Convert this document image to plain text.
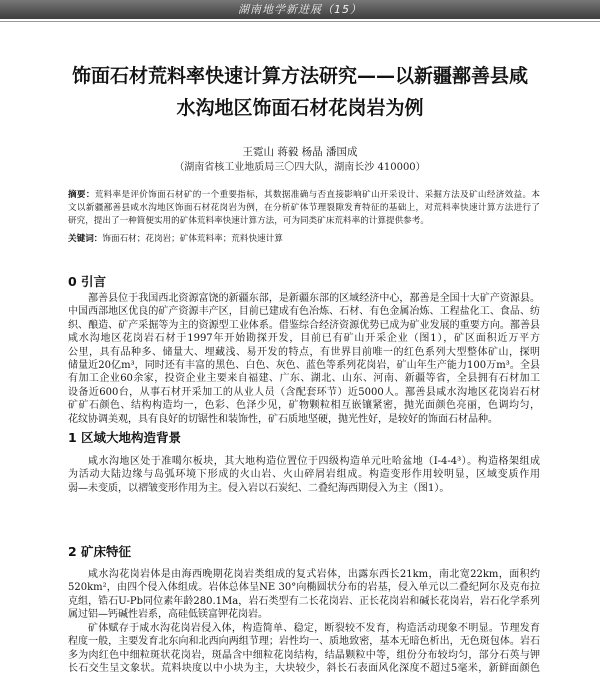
湖南地学新进展（15）
饰面石材荒料率快速计算方法研究——以新疆鄯善县咸
水沟地区饰面石材花岗岩为例
王霓山 蒋毅 杨晶 潘国成
（湖南省核工业地质局三〇四大队，湖南长沙 410000）
摘要：荒料率是评价饰面石材矿的一个重要指标，其数据准确与否直接影响矿山开采设计、采掘方法及矿山经济效益。本
文以新疆鄯善县咸水沟地区饰面石材花岗岩为例，在分析矿体节理裂隙发育特征的基础上，对荒料率快速计算方法进行了
研究，提出了一种简便实用的矿体荒料率快速计算方法，可为同类矿床荒料率的计算提供参考。
关键词：饰面石材；花岗岩；矿体荒料率；荒料快速计算
0 引言
鄯善县位于我国西北资源富饶的新疆东部，是新疆东部的区域经济中心，鄯善是全国十大矿产资源县。
中国西部地区优良的矿产资源丰产区，目前已建成有色冶炼、石材、有色金属冶炼、工程盐化工、食品、纺
织、酿造、矿产采掘等为主的资源型工业体系。借鉴综合经济资源优势已成为矿业发展的重要方向。鄯善县
咸水沟地区花岗岩石材于1997年开始勘探开发，目前已有矿山开采企业（图1），矿区面积近万平方
公里，具有品种多、储量大、埋藏浅、易开发的特点，有世界目前唯一的红色系列大型整体矿山，探明
储量近20亿m³，同时还有丰富的黑色、白色、灰色、蓝色等系列花岗岩，矿山年生产能力100万m³。全县
有加工企业60余家，投资企业主要来自福建、广东、湖北、山东、河南、新疆等省，全县拥有石材加工
设备近600台，从事石材开采加工的从业人员（含配套环节）近5000人。鄯善县咸水沟地区花岗岩石材
矿矿石颜色、结构构造均一，色彩、色泽少见，矿物颗粒相互嵌镶紧密，抛光面颜色亮丽，色调均匀，
花纹协调美观，具有良好的切锯性和装饰性，矿石质地坚硬，抛光性好，是较好的饰面石材品种。
1 区域大地构造背景
咸水沟地区处于准噶尔板块，其大地构造位置位于四级构造单元吐哈盆地（I-4-4³）。构造格架组成
为活动大陆边缘与岛弧环境下形成的火山岩、火山碎屑岩组成。构造变形作用较明显，区域变质作用
弱—未变质，以褶皱变形作用为主。侵入岩以石炭纪、二叠纪海西期侵入为主（图1）。
2 矿床特征
咸水沟花岗岩体是由海西晚期花岗岩类组成的复式岩体，出露东西长21km，南北宽22km，面积约
520km²，由四个侵入体组成。岩体总体呈NE 30°向椭圆状分布的岩基，侵入单元以二叠纪阿尔及克布拉
克组，锆石U-Pb同位素年龄280.1Ma，岩石类型有二长花岗岩、正长花岗岩和碱长花岗岩，岩石化学系列
属过铝—钙碱性岩系，高硅低镁富钾花岗岩。
矿体赋存于咸水沟花岗岩侵入体，构造简单、稳定，断裂较不发育，构造活动现象不明显。节理发育
程度一般，主要发育北东向和北西向两组节理；岩性均一、质地致密，基本无暗色析出，无色斑包体。岩石
多为肉红色中细粒斑状花岗岩，斑晶含中细粒花岗结构，结晶颗粒中等，组份分布较均匀，部分石英与钾
长石交生呈文象状。荒料块度以中小块为主，大块较少，斜长石表面风化深度不超过5毫米，新鲜面颜色
